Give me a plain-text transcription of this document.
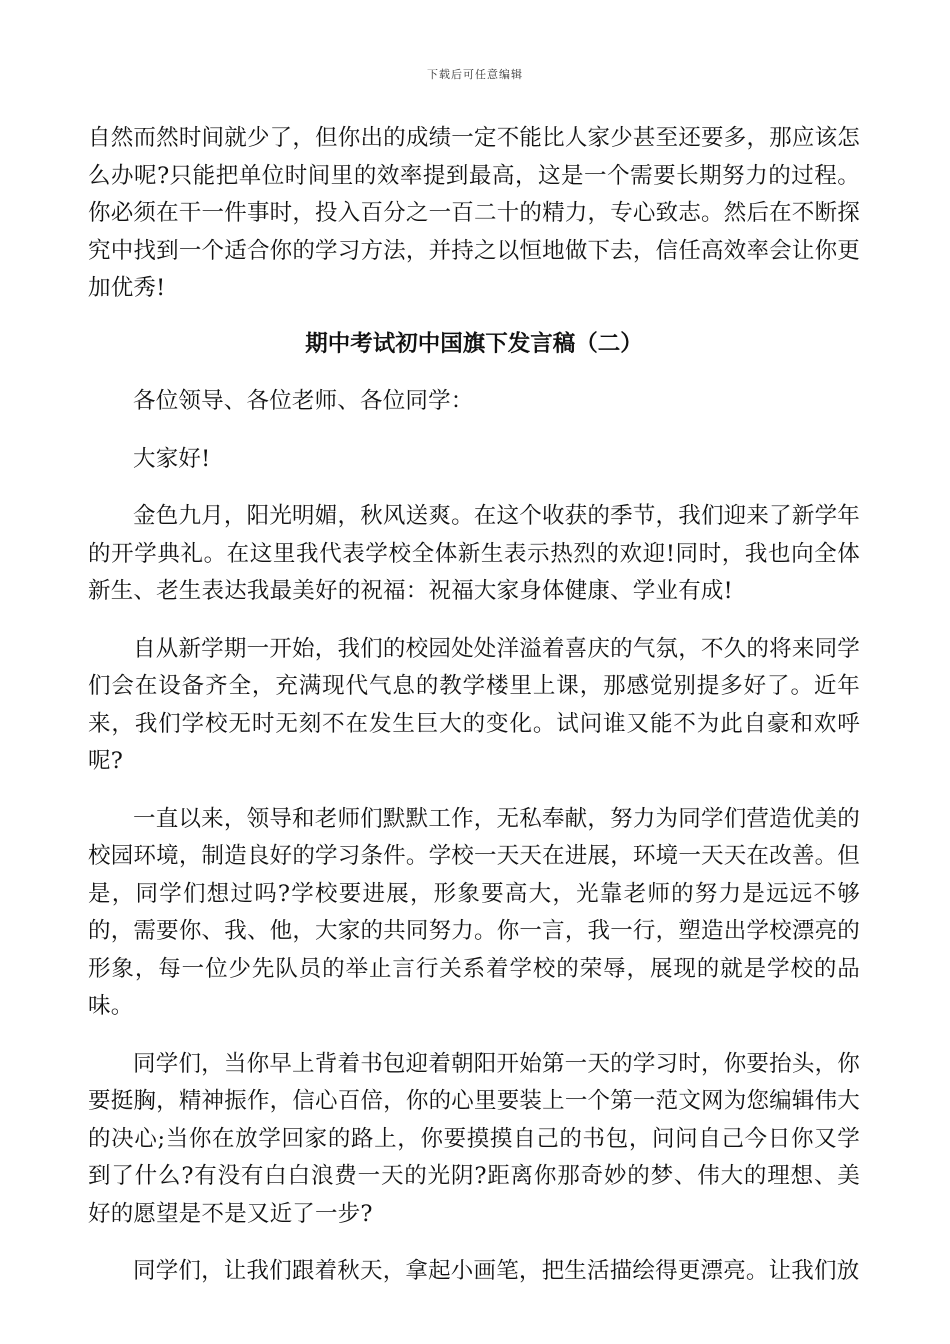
下载后可任意编辑

自然而然时间就少了，但你出的成绩一定不能比人家少甚至还要多，那应该怎么办呢?只能把单位时间里的效率提到最高，这是一个需要长期努力的过程。你必须在干一件事时，投入百分之一百二十的精力，专心致志。然后在不断探究中找到一个适合你的学习方法，并持之以恒地做下去，信任高效率会让你更加优秀!

期中考试初中国旗下发言稿（二）

各位领导、各位老师、各位同学：

大家好!

金色九月，阳光明媚，秋风送爽。在这个收获的季节，我们迎来了新学年的开学典礼。在这里我代表学校全体新生表示热烈的欢迎!同时，我也向全体新生、老生表达我最美好的祝福：祝福大家身体健康、学业有成!

自从新学期一开始，我们的校园处处洋溢着喜庆的气氛，不久的将来同学们会在设备齐全，充满现代气息的教学楼里上课，那感觉别提多好了。近年来，我们学校无时无刻不在发生巨大的变化。试问谁又能不为此自豪和欢呼呢?

一直以来，领导和老师们默默工作，无私奉献，努力为同学们营造优美的校园环境，制造良好的学习条件。学校一天天在进展，环境一天天在改善。但是，同学们想过吗?学校要进展，形象要高大，光靠老师的努力是远远不够的，需要你、我、他，大家的共同努力。你一言，我一行，塑造出学校漂亮的形象，每一位少先队员的举止言行关系着学校的荣辱，展现的就是学校的品味。

同学们，当你早上背着书包迎着朝阳开始第一天的学习时，你要抬头，你要挺胸，精神振作，信心百倍，你的心里要装上一个第一范文网为您编辑伟大的决心;当你在放学回家的路上，你要摸摸自己的书包，问问自己今日你又学到了什么?有没有白白浪费一天的光阴?距离你那奇妙的梦、伟大的理想、美好的愿望是不是又近了一步?

同学们，让我们跟着秋天，拿起小画笔，把生活描绘得更漂亮。让我们放
